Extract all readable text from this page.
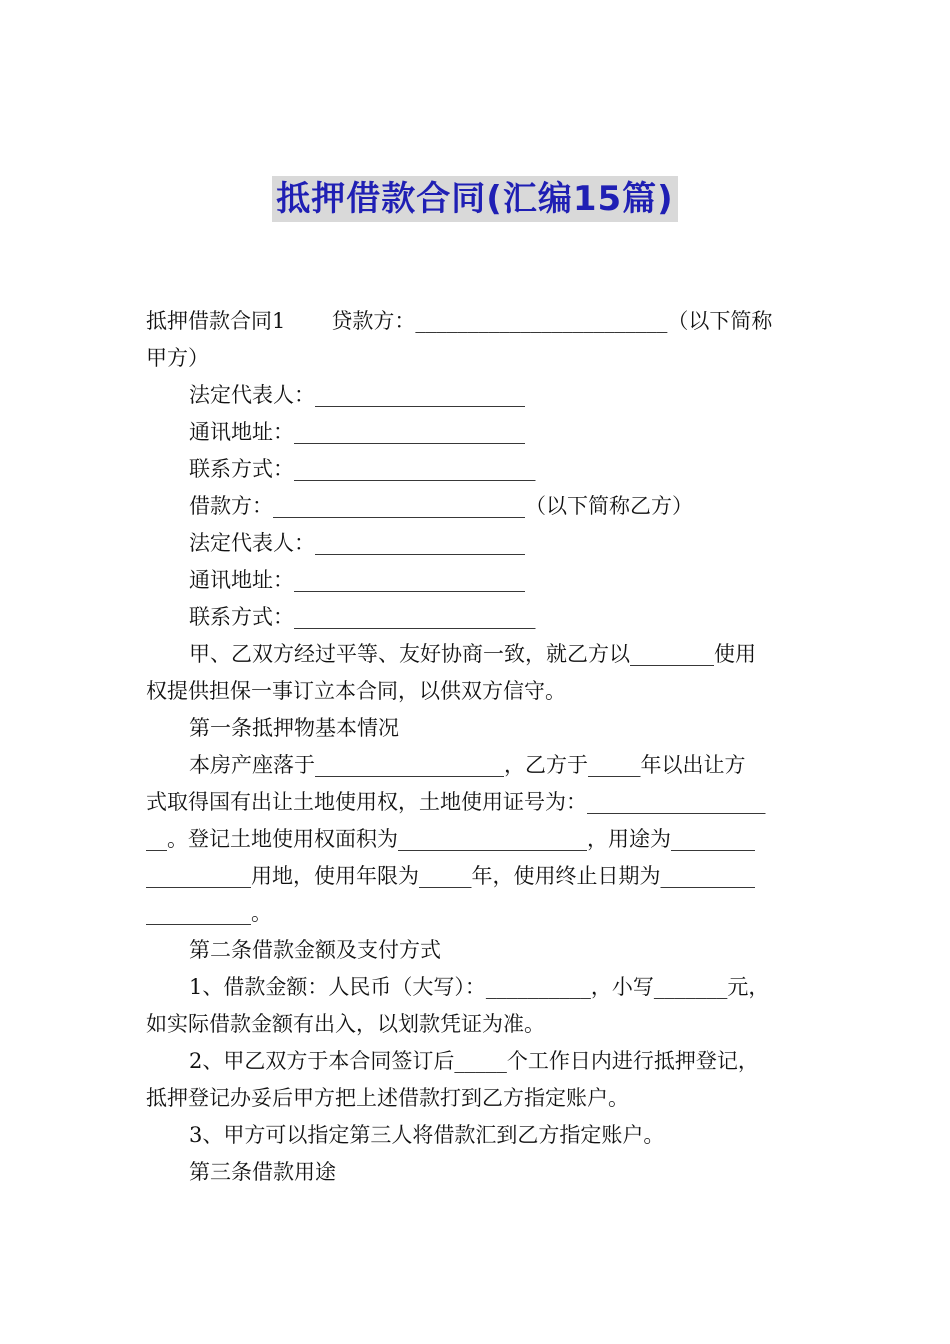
抵押借款合同(汇编15篇)
抵押借款合同1 贷款方：________________________（以下简称
甲方）
法定代表人：____________________
通讯地址：______________________
联系方式：_______________________
借款方：________________________（以下简称乙方）
法定代表人：____________________
通讯地址：______________________
联系方式：_______________________
甲、乙双方经过平等、友好协商一致，就乙方以________使用
权提供担保一事订立本合同，以供双方信守。
第一条抵押物基本情况
本房产座落于__________________，乙方于_____年以出让方
式取得国有出让土地使用权，土地使用证号为：_________________
__。登记土地使用权面积为__________________，用途为________
__________用地，使用年限为_____年，使用终止日期为_________
__________。
第二条借款金额及支付方式
1、借款金额：人民币（大写）：__________，小写_______元，
如实际借款金额有出入，以划款凭证为准。
2、甲乙双方于本合同签订后_____个工作日内进行抵押登记，
抵押登记办妥后甲方把上述借款打到乙方指定账户。
3、甲方可以指定第三人将借款汇到乙方指定账户。
第三条借款用途
